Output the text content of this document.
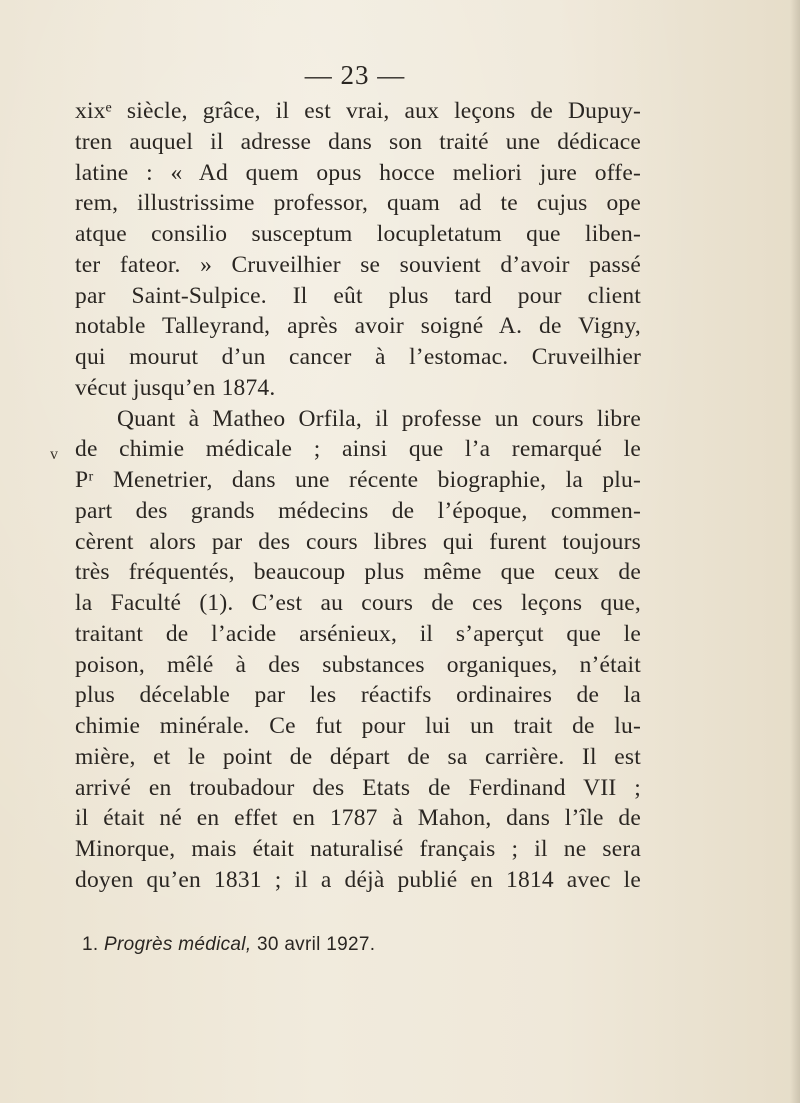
— 23 —
v
xixᵉ siècle, grâce, il est vrai, aux leçons de Dupuy-
tren auquel il adresse dans son traité une dédicace
latine : « Ad quem opus hocce meliori jure offe-
rem, illustrissime professor, quam ad te cujus ope
atque consilio susceptum locupletatum que liben-
ter fateor. » Cruveilhier se souvient d’avoir passé
par Saint-Sulpice. Il eût plus tard pour client
notable Talleyrand, après avoir soigné A. de Vigny,
qui mourut d’un cancer à l’estomac. Cruveilhier
vécut jusqu’en 1874.
Quant à Matheo Orfila, il professe un cours libre
de chimie médicale ; ainsi que l’a remarqué le
Pʳ Menetrier, dans une récente biographie, la plu-
part des grands médecins de l’époque, commen-
cèrent alors par des cours libres qui furent toujours
très fréquentés, beaucoup plus même que ceux de
la Faculté (1). C’est au cours de ces leçons que,
traitant de l’acide arsénieux, il s’aperçut que le
poison, mêlé à des substances organiques, n’était
plus décelable par les réactifs ordinaires de la
chimie minérale. Ce fut pour lui un trait de lu-
mière, et le point de départ de sa carrière. Il est
arrivé en troubadour des Etats de Ferdinand VII ;
il était né en effet en 1787 à Mahon, dans l’île de
Minorque, mais était naturalisé français ; il ne sera
doyen qu’en 1831 ; il a déjà publié en 1814 avec le
1. Progrès médical, 30 avril 1927.
